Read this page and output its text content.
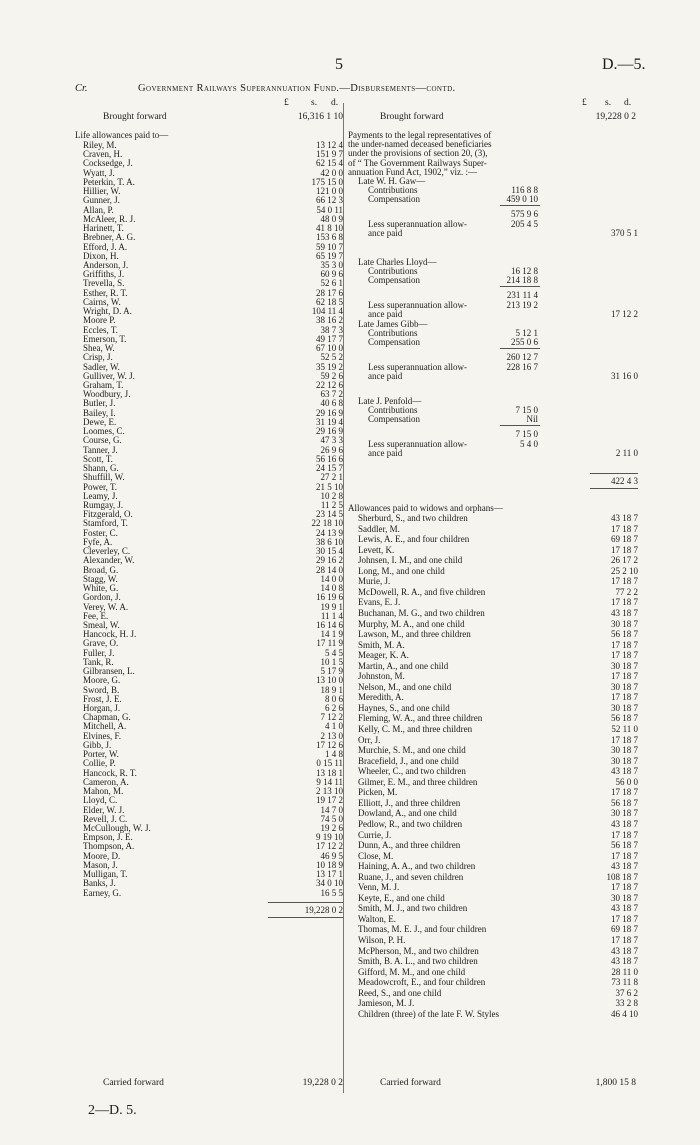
5	D.—5.
Cr.	Government Railways Superannuation Fund.—Disbursements—contd.
£ s. d.	£ s. d.
Brought forward	16,316 1 10
Life allowances paid to—
Riley, M.	13 12 4
Craven, H.	151 9 7
Cocksedge, J.	62 15 4
Wyatt, J.	42 0 0
Peterkin, T. A.	175 15 0
Hillier, W.	121 0 0
Gunner, J.	66 12 3
Allan, P.	54 0 11
McAleer, R. J.	48 0 9
Harinett, T.	41 8 10
Brebner, A. G.	153 6 8
Efford, J. A.	59 10 7
Dixon, H.	65 19 7
Anderson, J.	35 3 0
Griffiths, J.	60 9 6
Trevella, S.	52 6 1
Esther, R. T.	28 17 6
Cairns, W.	62 18 5
Wright, D. A.	104 11 4
Moore P.	38 16 2
Eccles, T.	38 7 3
Emerson, T.	49 17 7
Shea, W.	67 10 0
Crisp, J.	52 5 2
Sadler, W.	35 19 2
Gulliver, W. J.	59 2 6
Graham, T.	22 12 6
Woodbury, J.	63 7 2
Butler, J.	40 6 8
Bailey, I.	29 16 9
Dewe, E.	31 19 4
Loomes, C.	29 16 9
Course, G.	47 3 3
Tanner, J.	26 9 6
Scott, T.	56 16 6
Shann, G.	24 15 7
Shuffill, W.	27 2 1
Power, T.	21 5 10
Leamy, J.	10 2 8
Rumgay, J.	11 2 5
Fitzgerald, O.	23 14 5
Stamford, T.	22 18 10
Foster, C.	24 13 9
Fyfe, A.	38 6 10
Cleverley, C.	30 15 4
Alexander, W.	29 16 2
Broad, G.	28 14 0
Stagg, W.	14 0 0
White, G.	14 0 8
Gordon, J.	16 19 6
Verey, W. A.	19 9 1
Fee, E.	11 1 4
Smeal, W.	16 14 6
Hancock, H. J.	14 1 9
Grave, O.	17 11 9
Fuller, J.	5 4 5
Tank, R.	10 1 5
Gilbransen, L.	5 17 9
Moore, G.	13 10 0
Sword, B.	18 9 1
Frost, J. E.	8 0 6
Horgan, J.	6 2 6
Chapman, G.	7 12 2
Mitchell, A.	4 1 0
Elvines, F.	2 13 0
Gibb, J.	17 12 6
Porter, W.	1 4 8
Collie, P.	0 15 11
Hancock, R. T.	13 18 1
Cameron, A.	9 14 11
Mahon, M.	2 13 10
Lloyd, C.	19 17 2
Elder, W. J.	14 7 0
Revell, J. C.	74 5 0
McCullough, W. J.	19 2 6
Empson, J. E.	9 19 10
Thompson, A.	17 12 2
Moore, D.	46 9 5
Mason, J.	10 18 9
Mulligan, T.	13 17 1
Banks, J.	34 0 10
Earney, G.	16 5 5
19,228 0 2
Brought forward	19,228 0 2
Payments to the legal representatives of
the under-named deceased beneficiaries
under the provisions of section 20, (3),
of “ The Government Railways Super-
annuation Fund Act, 1902,” viz. :—
Late W. H. Gaw—
Contributions	116 8 8
Compensation	459 0 10
575 9 6
Less superannuation allow-	205 4 5
ance paid	370 5 1
Late Charles Lloyd—
Contributions	16 12 8
Compensation	214 18 8
231 11 4
Less superannuation allow-	213 19 2
ance paid	17 12 2
Late James Gibb—
Contributions	5 12 1
Compensation	255 0 6
260 12 7
Less superannuation allow-	228 16 7
ance paid	31 16 0
Late J. Penfold—
Contributions	7 15 0
Compensation	Nil
7 15 0
Less superannuation allow-	5 4 0
ance paid	2 11 0
422 4 3
Allowances paid to widows and orphans—
Sherburd, S., and two children	43 18 7
Saddler, M.	17 18 7
Lewis, A. E., and four children	69 18 7
Levett, K.	17 18 7
Johnsen, I. M., and one child	26 17 2
Long, M., and one child	25 2 10
Murie, J.	17 18 7
McDowell, R. A., and five children	77 2 2
Evans, E. J.	17 18 7
Buchanan, M. G., and two children	43 18 7
Murphy, M. A., and one child	30 18 7
Lawson, M., and three children	56 18 7
Smith, M. A.	17 18 7
Meager, K. A.	17 18 7
Martin, A., and one child	30 18 7
Johnston, M.	17 18 7
Nelson, M., and one child	30 18 7
Meredith, A.	17 18 7
Haynes, S., and one child	30 18 7
Fleming, W. A., and three children	56 18 7
Kelly, C. M., and three children	52 11 0
Orr, J.	17 18 7
Murchie, S. M., and one child	30 18 7
Bracefield, J., and one child	30 18 7
Wheeler, C., and two children	43 18 7
Gilmer, E. M., and three children	56 0 0
Picken, M.	17 18 7
Elliott, J., and three children	56 18 7
Dowland, A., and one child	30 18 7
Pedlow, R., and two children	43 18 7
Currie, J.	17 18 7
Dunn, A., and three children	56 18 7
Close, M.	17 18 7
Haining, A. A., and two children	43 18 7
Ruane, J., and seven children	108 18 7
Venn, M. J.	17 18 7
Keyte, E., and one child	30 18 7
Smith, M. J., and two children	43 18 7
Walton, E.	17 18 7
Thomas, M. E. J., and four children	69 18 7
Wilson, P. H.	17 18 7
McPherson, M., and two children	43 18 7
Smith, B. A. L., and two children	43 18 7
Gifford, M. M., and one child	28 11 0
Meadowcroft, E., and four children	73 11 8
Reed, S., and one child	37 6 2
Jamieson, M. J.	33 2 8
Children (three) of the late F. W. Styles	46 4 10
Carried forward	19,228 0 2	Carried forward	1,800 15 8
2—D. 5.
